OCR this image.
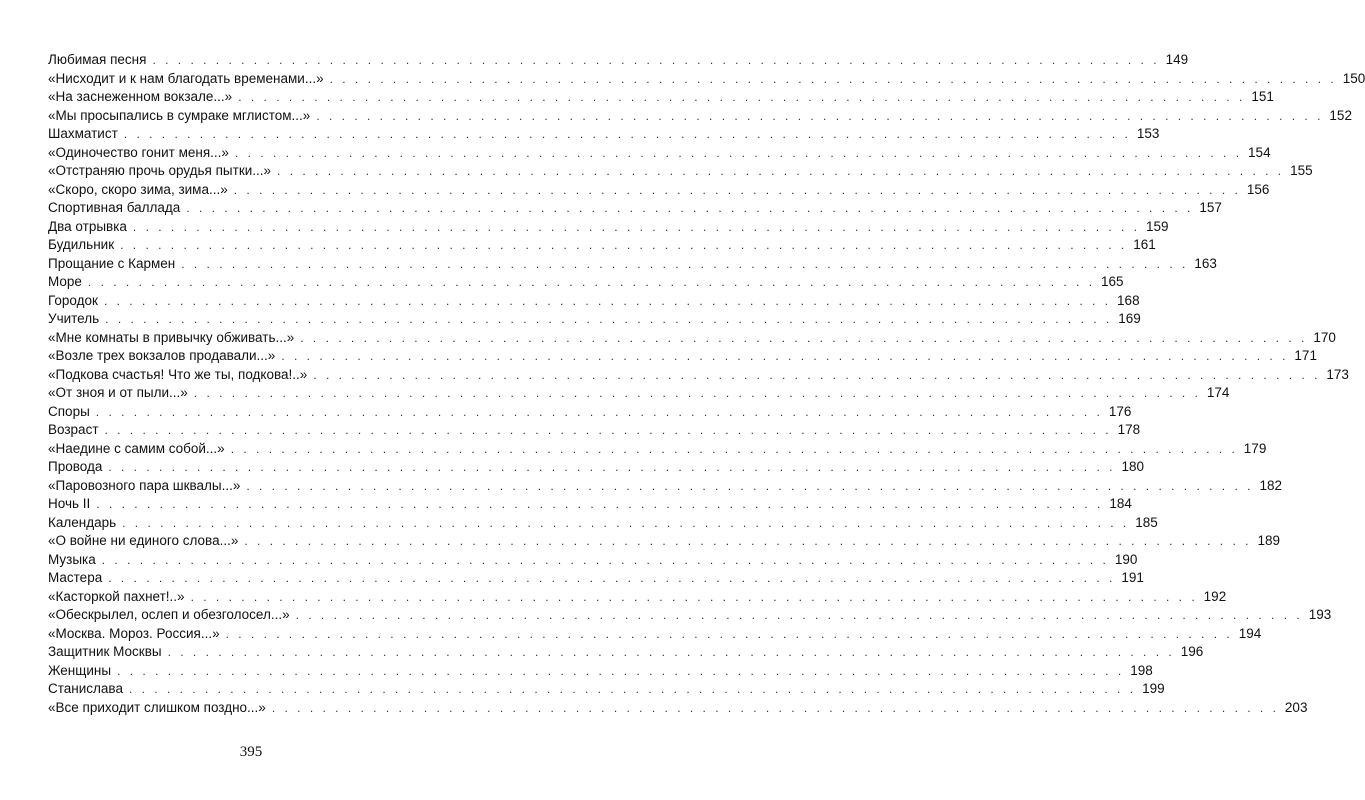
Любимая песня . . . . . . . . . . . . . . . . . . . . . . . . . . . . . . . . . . . . . . . . . . . . . . . . . . . . . . . . . . . . . . . . . . . . . . . . . . . . . . . . 149
«Нисходит и к нам благодать временами...» . . . . . . . . . . . . . . . . . . . . . . . . . . . . . . . . . . . . . . . . . . . . . . . . . . . . . . . . . . . . . . . . . . . . . . . . . . . . . . . . 150
«На заснеженном вокзале...» . . . . . . . . . . . . . . . . . . . . . . . . . . . . . . . . . . . . . . . . . . . . . . . . . . . . . . . . . . . . . . . . . . . . . . . . . . . . . . . . 151
«Мы просыпались в сумраке мглистом...» . . . . . . . . . . . . . . . . . . . . . . . . . . . . . . . . . . . . . . . . . . . . . . . . . . . . . . . . . . . . . . . . . . . . . . . . . . . . . . . . 152
Шахматист . . . . . . . . . . . . . . . . . . . . . . . . . . . . . . . . . . . . . . . . . . . . . . . . . . . . . . . . . . . . . . . . . . . . . . . . . . . . . . . . 153
«Одиночество гонит меня...» . . . . . . . . . . . . . . . . . . . . . . . . . . . . . . . . . . . . . . . . . . . . . . . . . . . . . . . . . . . . . . . . . . . . . . . . . . . . . . . . 154
«Отстраняю прочь орудья пытки...» . . . . . . . . . . . . . . . . . . . . . . . . . . . . . . . . . . . . . . . . . . . . . . . . . . . . . . . . . . . . . . . . . . . . . . . . . . . . . . . . 155
«Скоро, скоро зима, зима...» . . . . . . . . . . . . . . . . . . . . . . . . . . . . . . . . . . . . . . . . . . . . . . . . . . . . . . . . . . . . . . . . . . . . . . . . . . . . . . . . 156
Спортивная баллада . . . . . . . . . . . . . . . . . . . . . . . . . . . . . . . . . . . . . . . . . . . . . . . . . . . . . . . . . . . . . . . . . . . . . . . . . . . . . . . . 157
Два отрывка . . . . . . . . . . . . . . . . . . . . . . . . . . . . . . . . . . . . . . . . . . . . . . . . . . . . . . . . . . . . . . . . . . . . . . . . . . . . . . . . 159
Будильник . . . . . . . . . . . . . . . . . . . . . . . . . . . . . . . . . . . . . . . . . . . . . . . . . . . . . . . . . . . . . . . . . . . . . . . . . . . . . . . . 161
Прощание с Кармен . . . . . . . . . . . . . . . . . . . . . . . . . . . . . . . . . . . . . . . . . . . . . . . . . . . . . . . . . . . . . . . . . . . . . . . . . . . . . . . . 163
Море . . . . . . . . . . . . . . . . . . . . . . . . . . . . . . . . . . . . . . . . . . . . . . . . . . . . . . . . . . . . . . . . . . . . . . . . . . . . . . . . 165
Городок . . . . . . . . . . . . . . . . . . . . . . . . . . . . . . . . . . . . . . . . . . . . . . . . . . . . . . . . . . . . . . . . . . . . . . . . . . . . . . . . 168
Учитель . . . . . . . . . . . . . . . . . . . . . . . . . . . . . . . . . . . . . . . . . . . . . . . . . . . . . . . . . . . . . . . . . . . . . . . . . . . . . . . . 169
«Мне комнаты в привычку обживать...» . . . . . . . . . . . . . . . . . . . . . . . . . . . . . . . . . . . . . . . . . . . . . . . . . . . . . . . . . . . . . . . . . . . . . . . . . . . . . . . . 170
«Возле трех вокзалов продавали...» . . . . . . . . . . . . . . . . . . . . . . . . . . . . . . . . . . . . . . . . . . . . . . . . . . . . . . . . . . . . . . . . . . . . . . . . . . . . . . . . 171
«Подкова счастья! Что же ты, подкова!..» . . . . . . . . . . . . . . . . . . . . . . . . . . . . . . . . . . . . . . . . . . . . . . . . . . . . . . . . . . . . . . . . . . . . . . . . . . . . . . . . 173
«От зноя и от пыли...» . . . . . . . . . . . . . . . . . . . . . . . . . . . . . . . . . . . . . . . . . . . . . . . . . . . . . . . . . . . . . . . . . . . . . . . . . . . . . . . . 174
Споры . . . . . . . . . . . . . . . . . . . . . . . . . . . . . . . . . . . . . . . . . . . . . . . . . . . . . . . . . . . . . . . . . . . . . . . . . . . . . . . . 176
Возраст . . . . . . . . . . . . . . . . . . . . . . . . . . . . . . . . . . . . . . . . . . . . . . . . . . . . . . . . . . . . . . . . . . . . . . . . . . . . . . . . 178
«Наедине с самим собой...» . . . . . . . . . . . . . . . . . . . . . . . . . . . . . . . . . . . . . . . . . . . . . . . . . . . . . . . . . . . . . . . . . . . . . . . . . . . . . . . . 179
Провода . . . . . . . . . . . . . . . . . . . . . . . . . . . . . . . . . . . . . . . . . . . . . . . . . . . . . . . . . . . . . . . . . . . . . . . . . . . . . . . . 180
«Паровозного пара шквалы...» . . . . . . . . . . . . . . . . . . . . . . . . . . . . . . . . . . . . . . . . . . . . . . . . . . . . . . . . . . . . . . . . . . . . . . . . . . . . . . . . 182
Ночь II . . . . . . . . . . . . . . . . . . . . . . . . . . . . . . . . . . . . . . . . . . . . . . . . . . . . . . . . . . . . . . . . . . . . . . . . . . . . . . . . 184
Календарь . . . . . . . . . . . . . . . . . . . . . . . . . . . . . . . . . . . . . . . . . . . . . . . . . . . . . . . . . . . . . . . . . . . . . . . . . . . . . . . . 185
«О войне ни единого слова...» . . . . . . . . . . . . . . . . . . . . . . . . . . . . . . . . . . . . . . . . . . . . . . . . . . . . . . . . . . . . . . . . . . . . . . . . . . . . . . . . 189
Музыка . . . . . . . . . . . . . . . . . . . . . . . . . . . . . . . . . . . . . . . . . . . . . . . . . . . . . . . . . . . . . . . . . . . . . . . . . . . . . . . . 190
Мастера . . . . . . . . . . . . . . . . . . . . . . . . . . . . . . . . . . . . . . . . . . . . . . . . . . . . . . . . . . . . . . . . . . . . . . . . . . . . . . . . 191
«Касторкой пахнет!..» . . . . . . . . . . . . . . . . . . . . . . . . . . . . . . . . . . . . . . . . . . . . . . . . . . . . . . . . . . . . . . . . . . . . . . . . . . . . . . . . 192
«Обескрылел, ослеп и обезголосел...» . . . . . . . . . . . . . . . . . . . . . . . . . . . . . . . . . . . . . . . . . . . . . . . . . . . . . . . . . . . . . . . . . . . . . . . . . . . . . . . . 193
«Москва. Мороз. Россия...» . . . . . . . . . . . . . . . . . . . . . . . . . . . . . . . . . . . . . . . . . . . . . . . . . . . . . . . . . . . . . . . . . . . . . . . . . . . . . . . . 194
Защитник Москвы . . . . . . . . . . . . . . . . . . . . . . . . . . . . . . . . . . . . . . . . . . . . . . . . . . . . . . . . . . . . . . . . . . . . . . . . . . . . . . . . 196
Женщины . . . . . . . . . . . . . . . . . . . . . . . . . . . . . . . . . . . . . . . . . . . . . . . . . . . . . . . . . . . . . . . . . . . . . . . . . . . . . . . . 198
Станислава . . . . . . . . . . . . . . . . . . . . . . . . . . . . . . . . . . . . . . . . . . . . . . . . . . . . . . . . . . . . . . . . . . . . . . . . . . . . . . . . 199
«Все приходит слишком поздно...» . . . . . . . . . . . . . . . . . . . . . . . . . . . . . . . . . . . . . . . . . . . . . . . . . . . . . . . . . . . . . . . . . . . . . . . . . . . . . . . . 203
395
